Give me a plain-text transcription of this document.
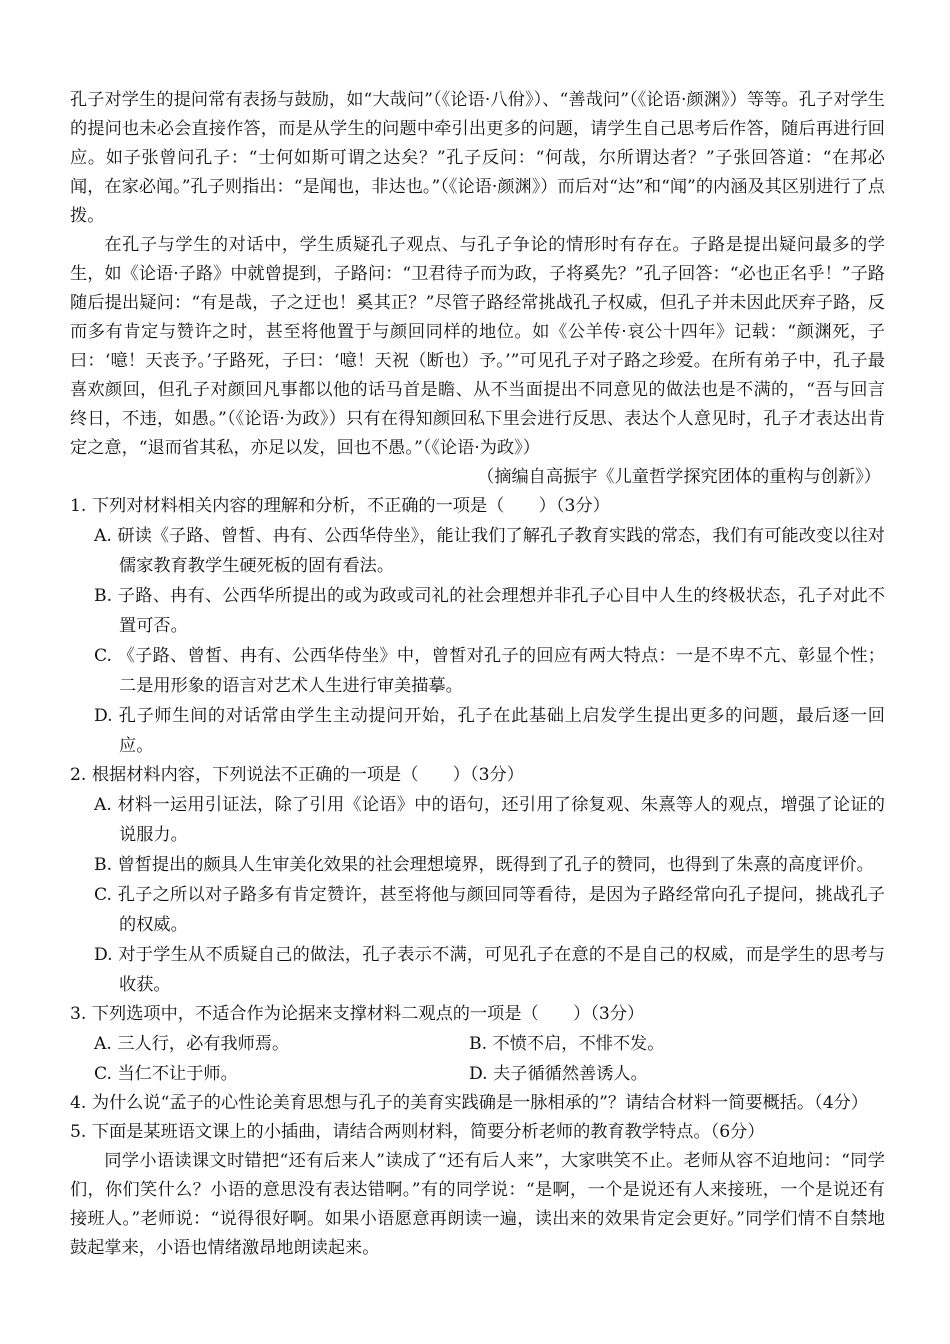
孔子对学生的提问常有表扬与鼓励，如“大哉问”（《论语·八佾》）、“善哉问”（《论语·颜渊》）等等。孔子对学生的提问也未必会直接作答，而是从学生的问题中牵引出更多的问题，请学生自己思考后作答，随后再进行回应。如子张曾问孔子：“士何如斯可谓之达矣？”孔子反问：“何哉，尔所谓达者？”子张回答道：“在邦必闻，在家必闻。”孔子则指出：“是闻也，非达也。”（《论语·颜渊》）而后对“达”和“闻”的内涵及其区别进行了点拨。

在孔子与学生的对话中，学生质疑孔子观点、与孔子争论的情形时有存在。子路是提出疑问最多的学生，如《论语·子路》中就曾提到，子路问：“卫君待子而为政，子将奚先？”孔子回答：“必也正名乎！”子路随后提出疑问：“有是哉，子之迂也！奚其正？”尽管子路经常挑战孔子权威，但孔子并未因此厌弃子路，反而多有肯定与赞许之时，甚至将他置于与颜回同样的地位。如《公羊传·哀公十四年》记载：“颜渊死，子曰：‘噫！天丧予。’子路死，子曰：‘噫！天祝（断也）予。’”可见孔子对子路之珍爱。在所有弟子中，孔子最喜欢颜回，但孔子对颜回凡事都以他的话马首是瞻、从不当面提出不同意见的做法也是不满的，“吾与回言终日，不违，如愚。”（《论语·为政》）只有在得知颜回私下里会进行反思、表达个人意见时，孔子才表达出肯定之意，“退而省其私，亦足以发，回也不愚。”（《论语·为政》）

（摘编自高振宇《儿童哲学探究团体的重构与创新》）

1. 下列对材料相关内容的理解和分析，不正确的一项是（　　）（3分）

A. 研读《子路、曾皙、冉有、公西华侍坐》，能让我们了解孔子教育实践的常态，我们有可能改变以往对儒家教育教学生硬死板的固有看法。

B. 子路、冉有、公西华所提出的或为政或司礼的社会理想并非孔子心目中人生的终极状态，孔子对此不置可否。

C. 《子路、曾皙、冉有、公西华侍坐》中，曾皙对孔子的回应有两大特点：一是不卑不亢、彰显个性；二是用形象的语言对艺术人生进行审美描摹。

D. 孔子师生间的对话常由学生主动提问开始，孔子在此基础上启发学生提出更多的问题，最后逐一回应。

2. 根据材料内容，下列说法不正确的一项是（　　）（3分）

A. 材料一运用引证法，除了引用《论语》中的语句，还引用了徐复观、朱熹等人的观点，增强了论证的说服力。

B. 曾皙提出的颇具人生审美化效果的社会理想境界，既得到了孔子的赞同，也得到了朱熹的高度评价。

C. 孔子之所以对子路多有肯定赞许，甚至将他与颜回同等看待，是因为子路经常向孔子提问，挑战孔子的权威。

D. 对于学生从不质疑自己的做法，孔子表示不满，可见孔子在意的不是自己的权威，而是学生的思考与收获。

3. 下列选项中，不适合作为论据来支撑材料二观点的一项是（　　）（3分）

A. 三人行，必有我师焉。	B. 不愤不启，不悱不发。
C. 当仁不让于师。	D. 夫子循循然善诱人。

4. 为什么说“孟子的心性论美育思想与孔子的美育实践确是一脉相承的”？请结合材料一简要概括。（4分）

5. 下面是某班语文课上的小插曲，请结合两则材料，简要分析老师的教育教学特点。（6分）

同学小语读课文时错把“还有后来人”读成了“还有后人来”，大家哄笑不止。老师从容不迫地问：“同学们，你们笑什么？小语的意思没有表达错啊。”有的同学说：“是啊，一个是说还有人来接班，一个是说还有接班人。”老师说：“说得很好啊。如果小语愿意再朗读一遍，读出来的效果肯定会更好。”同学们情不自禁地鼓起掌来，小语也情绪激昂地朗读起来。
